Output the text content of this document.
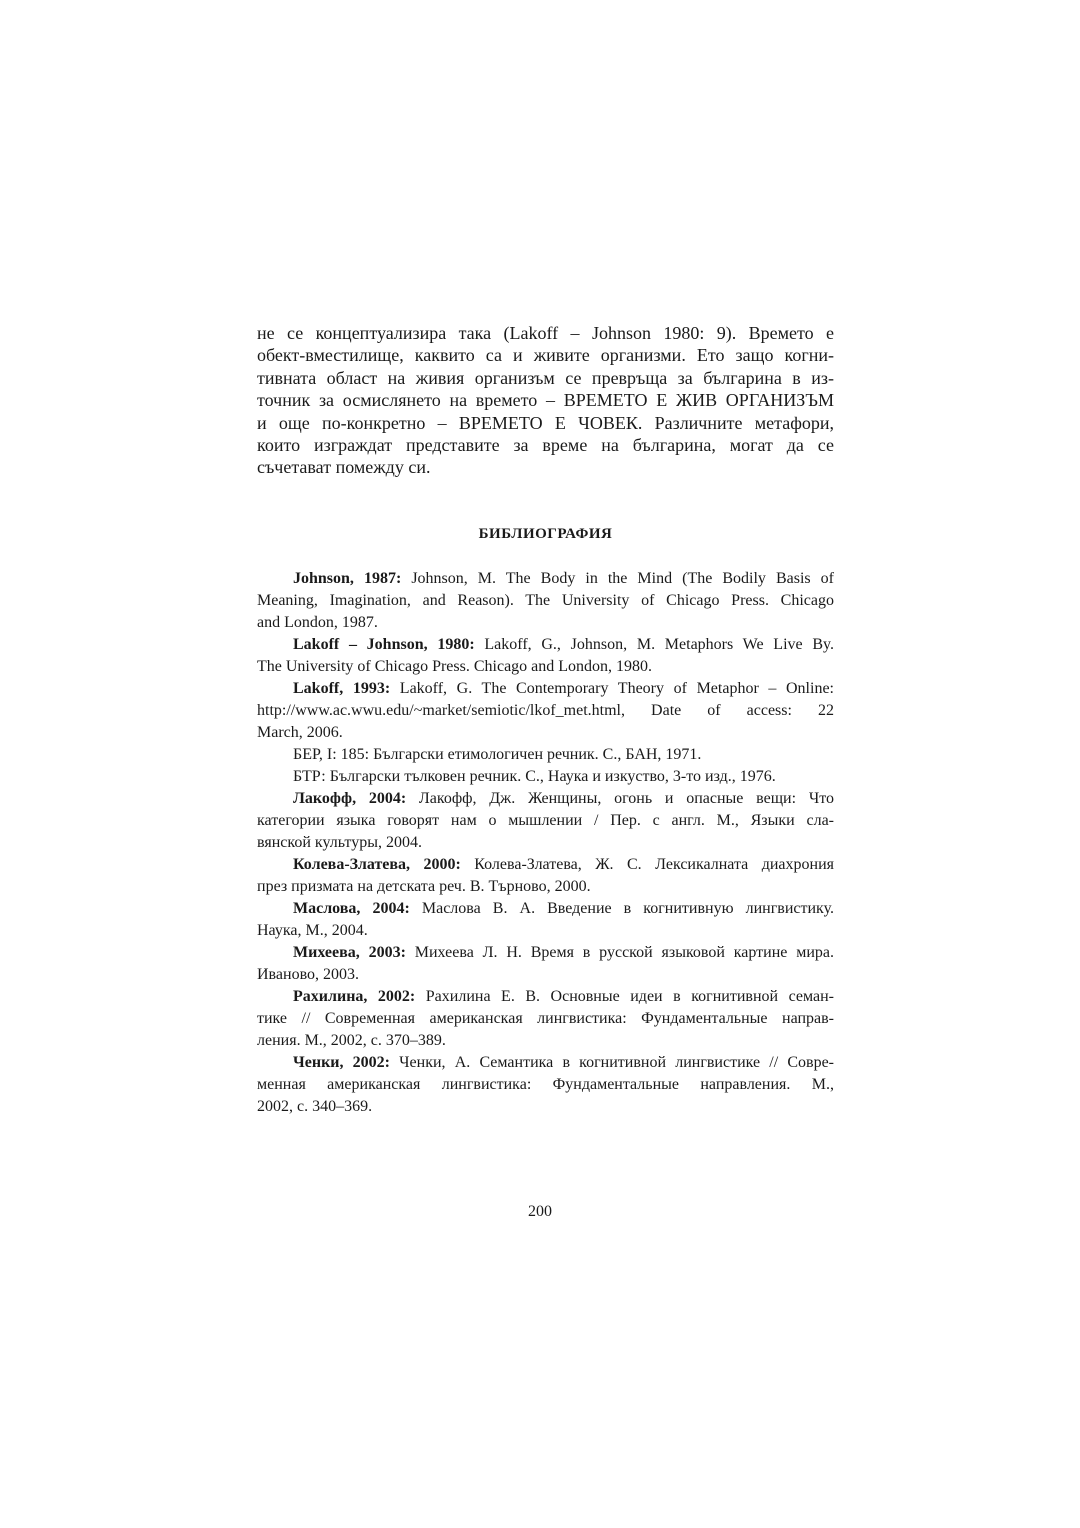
не се концептуализира така (Lakoff – Johnson 1980: 9). Времето е
обект-вместилище, каквито са и живите организми. Ето защо когни-
тивната област на живия организъм се превръща за българина в из-
точник за осмислянето на времето – ВРЕМЕТО Е ЖИВ ОРГАНИЗЪМ
и още по-конкретно – ВРЕМЕТО Е ЧОВЕК. Различните метафори,
които изграждат представите за време на българина, могат да се
съчетават помежду си.

БИБЛИОГРАФИЯ

Johnson, 1987: Johnson, M. The Body in the Mind (The Bodily Basis of
Meaning, Imagination, and Reason). The University of Chicago Press. Chicago
and London, 1987.

Lakoff – Johnson, 1980: Lakoff, G., Johnson, M. Metaphors We Live By.
The University of Chicago Press. Chicago and London, 1980.

Lakoff, 1993: Lakoff, G. The Contemporary Theory of Metaphor – Online:
http://www.ac.wwu.edu/~market/semiotic/lkof_met.html, Date of access: 22
March, 2006.

БЕР, I: 185: Български етимологичен речник. С., БАН, 1971.

БТР: Български тълковен речник. С., Наука и изкуство, 3-то изд., 1976.

Лакофф, 2004: Лакофф, Дж. Женщины, огонь и опасные вещи: Что
категории языка говорят нам о мышлении / Пер. с англ. М., Языки сла-
вянской культуры, 2004.

Колева-Златева, 2000: Колева-Златева, Ж. С. Лексикалната диахрония
през призмата на детската реч. В. Търново, 2000.

Маслова, 2004: Маслова В. А. Введение в когнитивную лингвистику.
Наука, М., 2004.

Михеева, 2003: Михеева Л. Н. Время в русской языковой картине мира.
Иваново, 2003.

Рахилина, 2002: Рахилина Е. В. Основные идеи в когнитивной семан-
тике // Современная американская лингвистика: Фундаментальные направ-
ления. М., 2002, с. 370–389.

Ченки, 2002: Ченки, А. Семантика в когнитивной лингвистике // Совре-
менная американская лингвистика: Фундаментальные направления. М.,
2002, с. 340–369.

200
